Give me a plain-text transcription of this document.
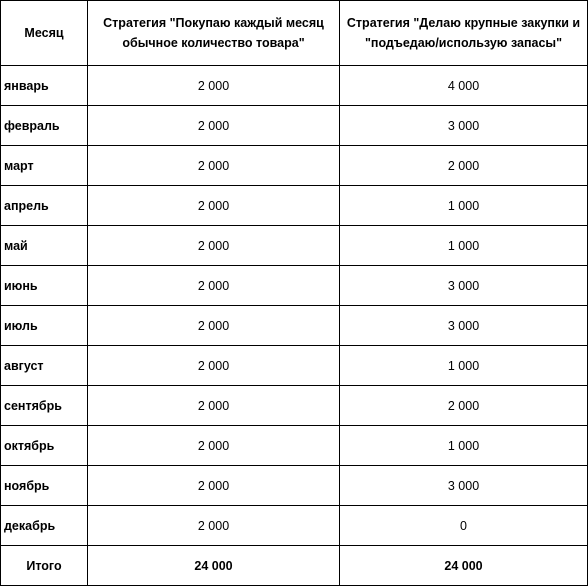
Месяц	Стратегия "Покупаю каждый месяц обычное количество товара"	Стратегия "Делаю крупные закупки и "подъедаю/использую запасы"
январь	2 000	4 000
февраль	2 000	3 000
март	2 000	2 000
апрель	2 000	1 000
май	2 000	1 000
июнь	2 000	3 000
июль	2 000	3 000
август	2 000	1 000
сентябрь	2 000	2 000
октябрь	2 000	1 000
ноябрь	2 000	3 000
декабрь	2 000	0
Итого	24 000	24 000
